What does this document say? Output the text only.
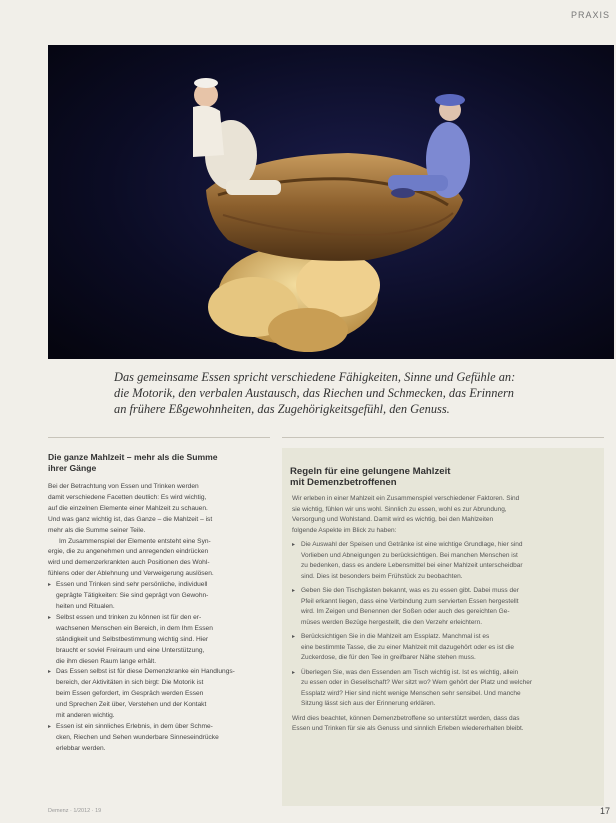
PRAXIS
Das gemeinsame Essen spricht verschiedene Fähigkeiten, Sinne und Gefühle an:
die Motorik, den verbalen Austausch, das Riechen und Schmecken, das Erinnern
an frühere Eßgewohnheiten, das Zugehörigkeitsgefühl, den Genuss.
Die ganze Mahlzeit – mehr als die Summe
ihrer Gänge
Bei der Betrachtung von Essen und Trinken werden
damit verschiedene Facetten deutlich: Es wird wichtig,
auf die einzelnen Elemente einer Mahlzeit zu schauen.
Und was ganz wichtig ist, das Ganze – die Mahlzeit – ist
mehr als die Summe seiner Teile.
Im Zusammenspiel der Elemente entsteht eine Syn-
ergie, die zu angenehmen und anregenden eindrücken
wird und demenzerkrankten auch Positionen des Wohl-
fühlens oder der Ablehnung und Verweigerung auslösen.
▸ Essen und Trinken sind sehr persönliche, individuell
geprägte Tätigkeiten: Sie sind geprägt von Gewohn-
heiten und Ritualen.
▸ Selbst essen und trinken zu können ist für den er-
wachsenen Menschen ein Bereich, in dem Ihm Essen
ständigkeit und Selbstbestimmung wichtig sind. Hier
braucht er soviel Freiraum und eine Unterstützung,
die ihm diesen Raum lange erhält.
▸ Das Essen selbst ist für diese Demenzkranke ein Handlungs-
bereich, der Aktivitäten in sich birgt: Die Motorik ist
beim Essen gefordert, im Gespräch werden Essen
und Sprechen Zeit über, Verstehen und der Kontakt
mit anderen wichtig.
▸ Essen ist ein sinnliches Erlebnis, in dem über Schme-
cken, Riechen und Sehen wunderbare Sinneseindrücke
erlebbar werden.
Regeln für eine gelungene Mahlzeit
mit Demenzbetroffenen
Wir erleben in einer Mahlzeit ein Zusammenspiel verschiedener Faktoren. Sind
sie wichtig, fühlen wir uns wohl. Sinnlich zu essen, wohl es zur Abrundung,
Versorgung und Wohlstand. Damit wird es wichtig, bei den Mahlzeiten
folgende Aspekte im Blick zu haben:
▸ Die Auswahl der Speisen und Getränke ist eine wichtige Grundlage, hier sind
Vorlieben und Abneigungen zu berücksichtigen. Bei manchen Menschen ist
zu bedenken, dass es andere Lebensmittel bei einer Mahlzeit unterscheidbar
sind. Dies ist besonders beim Frühstück zu beobachten.
▸ Geben Sie den Tischgästen bekannt, was es zu essen gibt. Dabei muss der
Pfeil erkannt liegen, dass eine Verbindung zum servierten Essen hergestellt
wird. Im Zeigen und Benennen der Soßen oder auch des gereichten Ge-
müses werden Bezüge hergestellt, die den Verzehr erleichtern.
▸ Berücksichtigen Sie in die Mahlzeit am Essplatz. Manchmal ist es
eine bestimmte Tasse, die zu einer Mahlzeit mit dazugehört oder es ist die
Zuckerdose, die für den Tee in greifbarer Nähe stehen muss.
▸ Überlegen Sie, was den Essenden am Tisch wichtig ist. Ist es wichtig, allein
zu essen oder in Gesellschaft? Wer sitzt wo? Wem gehört der Platz und welcher
Essplatz wird? Hier sind nicht wenige Menschen sehr sensibel. Und manche
Sitzung lässt sich aus der Erinnerung erklären.
Wird dies beachtet, können Demenzbetroffene so unterstützt werden, dass das
Essen und Trinken für sie als Genuss und sinnlich Erleben wiedererhalten bleibt.
Demenz · 1/2012 · 19	17
